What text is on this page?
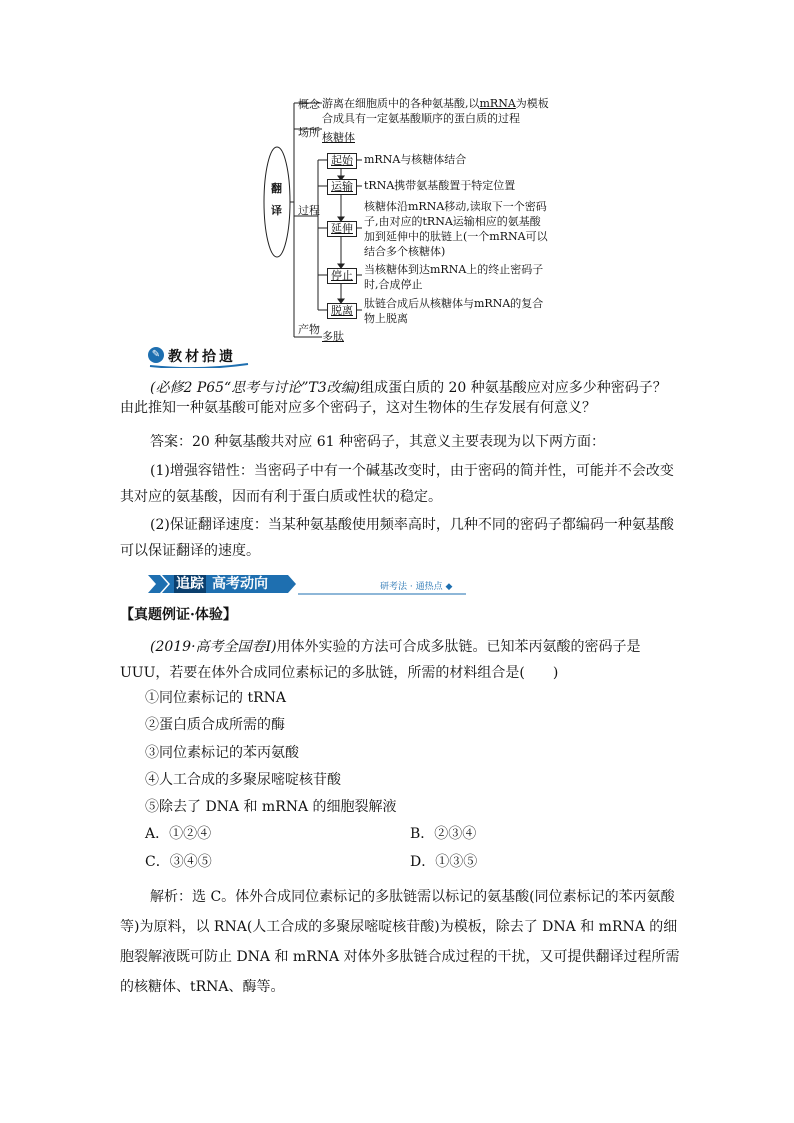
翻
译
概念 游离在细胞质中的各种氨基酸,以mRNA为模板
合成具有一定氨基酸顺序的蛋白质的过程
场所 核糖体
过程
起始	mRNA与核糖体结合
运输	tRNA携带氨基酸置于特定位置
延伸
核糖体沿mRNA移动,读取下一个密码
子,由对应的tRNA运输相应的氨基酸
加到延伸中的肽链上(一个mRNA可以
结合多个核糖体)
停止	当核糖体到达mRNA上的终止密码子
时,合成停止
脱离
肽链合成后从核糖体与mRNA的复合
物上脱离
产物
多肽
✎ 教材拾遗
(必修2 P65“思考与讨论”T3改编)组成蛋白质的 20 种氨基酸应对应多少种密码子？由此推知一种氨基酸可能对应多个密码子，这对生物体的生存发展有何意义？
答案：20 种氨基酸共对应 61 种密码子，其意义主要表现为以下两方面：
(1)增强容错性：当密码子中有一个碱基改变时，由于密码的简并性，可能并不会改变其对应的氨基酸，因而有利于蛋白质或性状的稳定。
(2)保证翻译速度：当某种氨基酸使用频率高时，几种不同的密码子都编码一种氨基酸可以保证翻译的速度。
追踪 高考动向	研考法 · 通热点 ◆
【真题例证·体验】
(2019·高考全国卷Ⅰ)用体外实验的方法可合成多肽链。已知苯丙氨酸的密码子是 UUU，若要在体外合成同位素标记的多肽链，所需的材料组合是(　　)
①同位素标记的 tRNA
②蛋白质合成所需的酶
③同位素标记的苯丙氨酸
④人工合成的多聚尿嘧啶核苷酸
⑤除去了 DNA 和 mRNA 的细胞裂解液
A．①②④	B．②③④
C．③④⑤	D．①③⑤
解析：选 C。体外合成同位素标记的多肽链需以标记的氨基酸(同位素标记的苯丙氨酸等)为原料，以 RNA(人工合成的多聚尿嘧啶核苷酸)为模板，除去了 DNA 和 mRNA 的细胞裂解液既可防止 DNA 和 mRNA 对体外多肽链合成过程的干扰，又可提供翻译过程所需的核糖体、tRNA、酶等。
